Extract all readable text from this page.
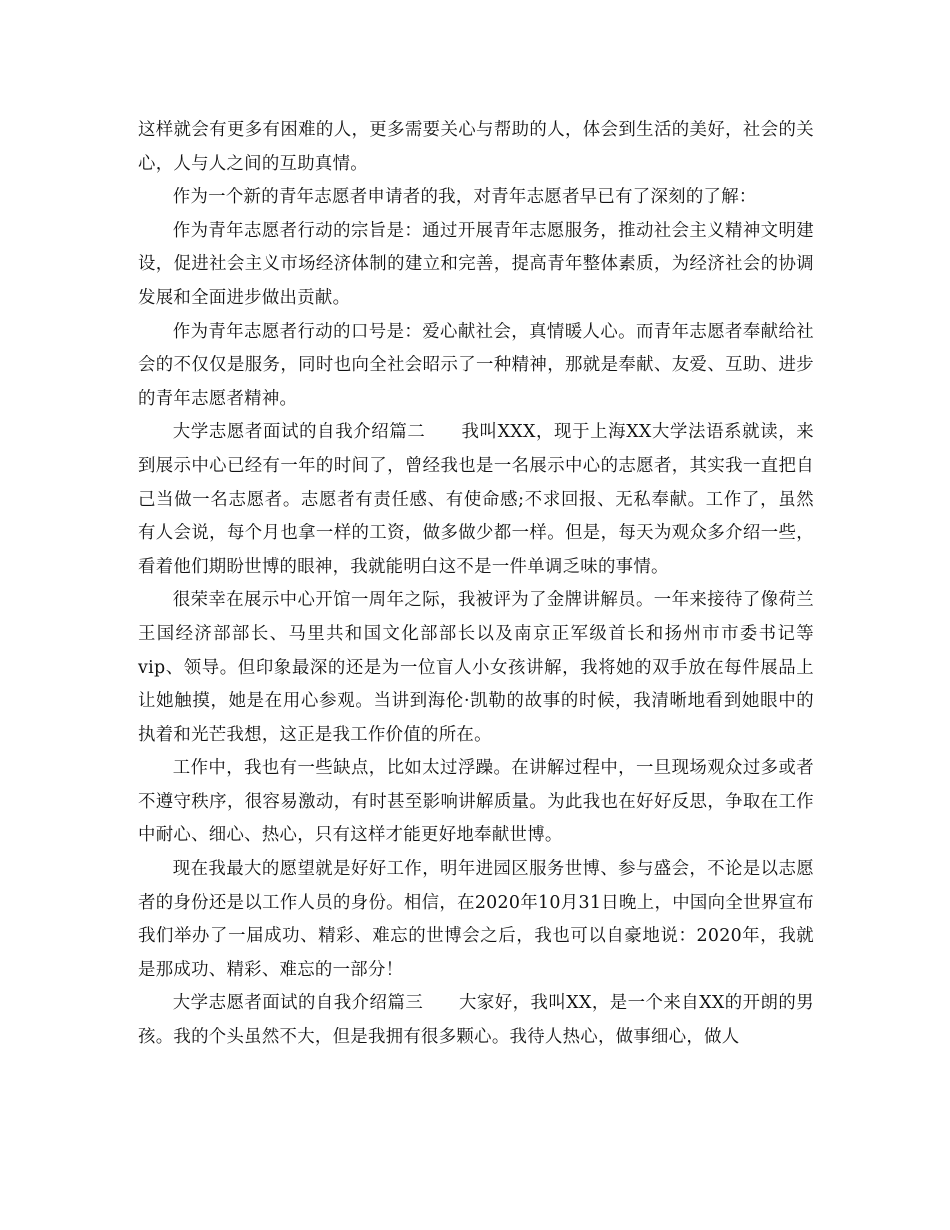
这样就会有更多有困难的人，更多需要关心与帮助的人，体会到生活的美好，社会的关心，人与人之间的互助真情。

作为一个新的青年志愿者申请者的我，对青年志愿者早已有了深刻的了解：

作为青年志愿者行动的宗旨是：通过开展青年志愿服务，推动社会主义精神文明建设，促进社会主义市场经济体制的建立和完善，提高青年整体素质，为经济社会的协调发展和全面进步做出贡献。

作为青年志愿者行动的口号是：爱心献社会，真情暖人心。而青年志愿者奉献给社会的不仅仅是服务，同时也向全社会昭示了一种精神，那就是奉献、友爱、互助、进步的青年志愿者精神。

大学志愿者面试的自我介绍篇二　　我叫XXX，现于上海XX大学法语系就读，来到展示中心已经有一年的时间了，曾经我也是一名展示中心的志愿者，其实我一直把自己当做一名志愿者。志愿者有责任感、有使命感;不求回报、无私奉献。工作了，虽然有人会说，每个月也拿一样的工资，做多做少都一样。但是，每天为观众多介绍一些，看着他们期盼世博的眼神，我就能明白这不是一件单调乏味的事情。

很荣幸在展示中心开馆一周年之际，我被评为了金牌讲解员。一年来接待了像荷兰王国经济部部长、马里共和国文化部部长以及南京正军级首长和扬州市市委书记等vip、领导。但印象最深的还是为一位盲人小女孩讲解，我将她的双手放在每件展品上让她触摸，她是在用心参观。当讲到海伦·凯勒的故事的时候，我清晰地看到她眼中的执着和光芒我想，这正是我工作价值的所在。

工作中，我也有一些缺点，比如太过浮躁。在讲解过程中，一旦现场观众过多或者不遵守秩序，很容易激动，有时甚至影响讲解质量。为此我也在好好反思，争取在工作中耐心、细心、热心，只有这样才能更好地奉献世博。

现在我最大的愿望就是好好工作，明年进园区服务世博、参与盛会，不论是以志愿者的身份还是以工作人员的身份。相信，在2020年10月31日晚上，中国向全世界宣布我们举办了一届成功、精彩、难忘的世博会之后，我也可以自豪地说：2020年，我就是那成功、精彩、难忘的一部分！

大学志愿者面试的自我介绍篇三　　大家好，我叫XX，是一个来自XX的开朗的男孩。我的个头虽然不大，但是我拥有很多颗心。我待人热心，做事细心，做人
